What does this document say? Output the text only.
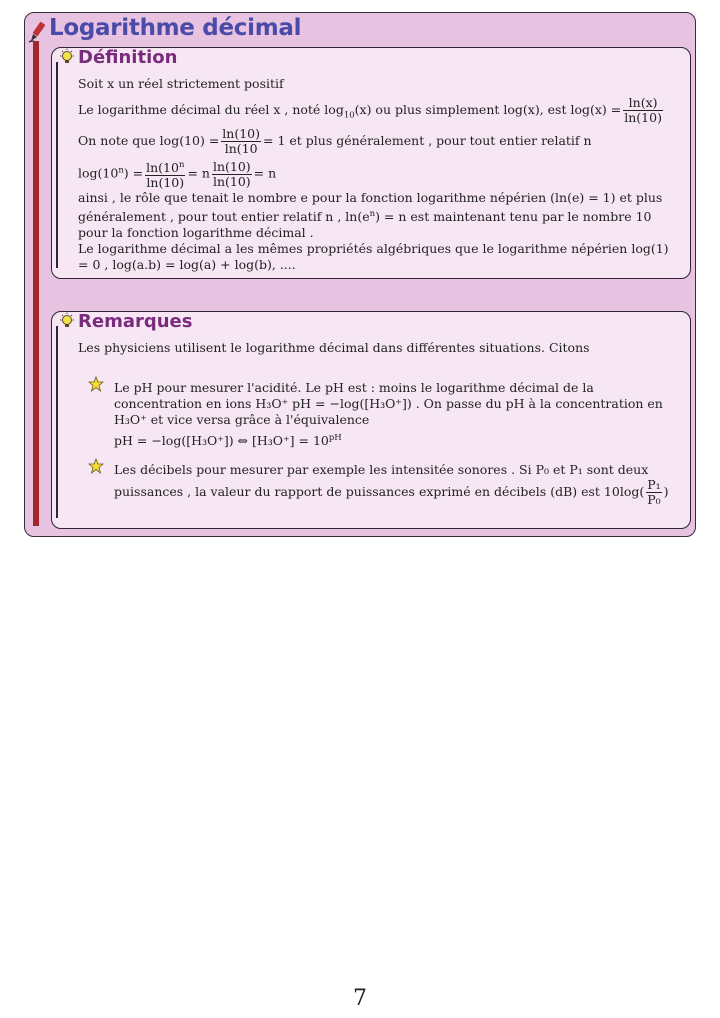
Logarithme décimal
Définition

Soit x un réel strictement positif

Le logarithme décimal du réel x , noté $\log_{10}(x)$ ou plus simplement log(x), est $\log(x) = \frac{\ln(x)}{\ln(10)}$

On note que $\log(10) = \frac{\ln(10)}{\ln(10} = 1$ et plus généralement , pour tout entier relatif n

$\log(10^n) = \frac{\ln(10^n}{\ln(10)} = n \frac{\ln(10)}{\ln(10)} = n$

ainsi , le rôle que tenait le nombre e pour la fonction logarithme népérien (ln(e) = 1) et plus généralement , pour tout entier relatif n , $\ln(e^n) = n$ est maintenant tenu par le nombre 10 pour la fonction logarithme décimal .

Le logarithme décimal a les mêmes propriétés algébriques que le logarithme népérien log(1) = 0 , log(a.b) = log(a) + log(b), ....

Remarques
Les physiciens utilisent le logarithme décimal dans différentes situations. Citons

Le pH pour mesurer l'acidité. Le pH est : moins le logarithme décimal de la concentration en ions H₃O⁺ pH = −log([H₃O⁺]) . On passe du pH à la concentration en H₃O⁺ et vice versa grâce à l'équivalence

pH = −log([H₃O⁺]) ⇔ $[H_3O^+] = 10^{pH}$

Les décibels pour mesurer par exemple les intensitée sonores . Si P₀ et P₁ sont deux puissances , la valeur du rapport de puissances exprimé en décibels (dB) est $10\log( \frac{\text{P₁}}{\text{P₀}}$ )
7
